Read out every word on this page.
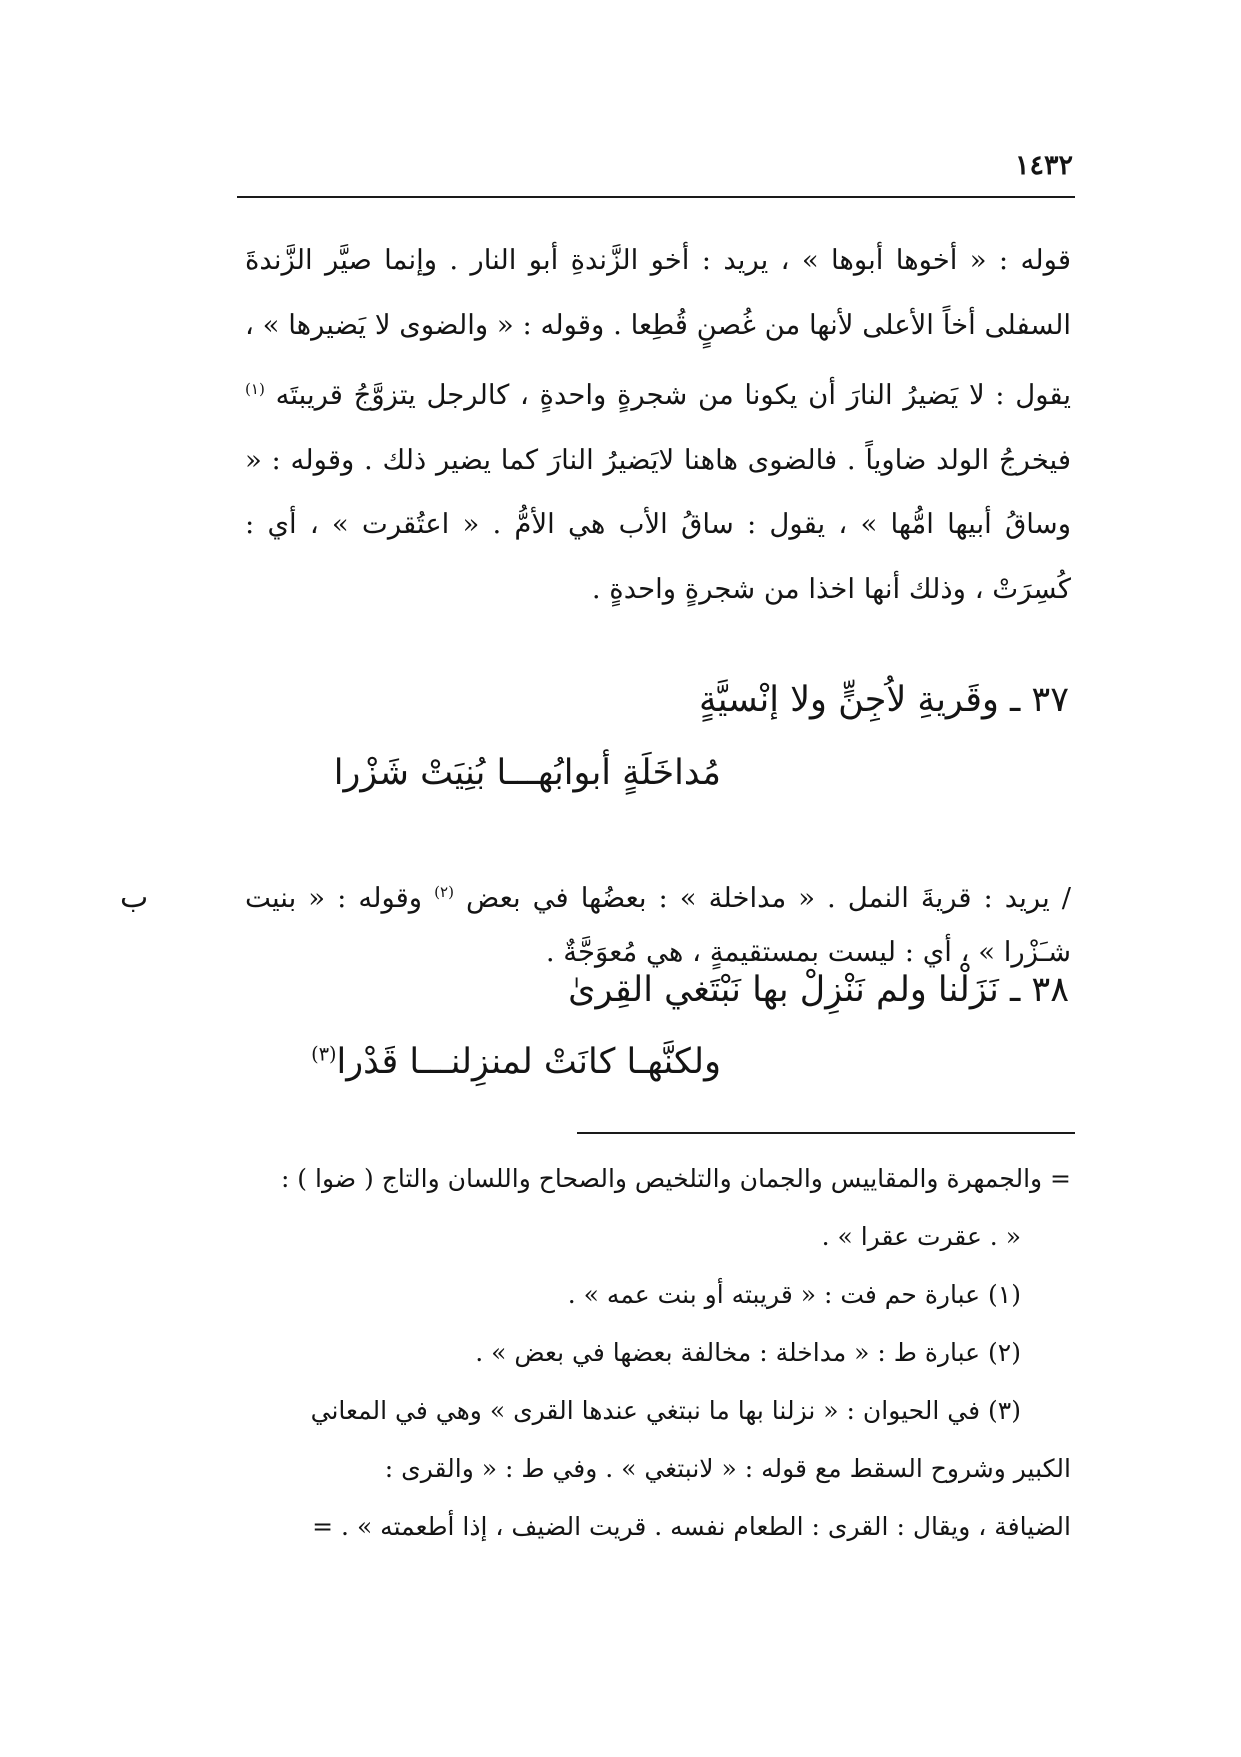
١٤٣٢

قوله : « أخوها أبوها » ، يريد : أخو الزَّندةِ أبو النار . وإنما صيَّر الزَّندةَ السفلى أخاً الأعلى لأنها من غُصنٍ قُطِعا . وقوله : « والضوى لا يَضيرها » ، يقول : لا يَضيرُ النارَ أن يكونا من شجرةٍ واحدةٍ ، كالرجل يتزوَّجُ قريبتَه $^{(١)}$ فيخرجُ الولد ضاوياً . فالضوى هاهنا لايَضيرُ النارَ كما يضير ذلك . وقوله : « وساقُ أبيها امُّها » ، يقول : ساقُ الأب هي الأمُّ . « اعتُقرت » ، أي : كُسِرَتْ ، وذلك أنها اخذا من شجرةٍ واحدةٍ .

٣٧ ـ وقَريةِ لاُجِنٍّ ولا إنْسيَّةٍ
مُداخَلَةٍ أبوابُهـــا بُنِيَتْ شَزْرا
ب	/ يريد : قريةَ النمل . « مداخلة » : بعضُها في بعض $^{(٢)}$ وقوله : « بنيت شـَزْرا » ، أي : ليست بمستقيمةٍ ، هي مُعوَجَّةٌ .

٣٨ ـ نَزَلْنا ولم نَنْزِلْ بها نَبْتَغي القِرىٰ
ولكنَّهـا كانَتْ لمنزِلنـــا قَدْرا$^{(٣)}$

= والجمهرة والمقاييس والجمان والتلخيص والصحاح واللسان والتاج ( ضوا ) :

« . عقرت عقرا » .

(١) عبارة حم فت : « قريبته أو بنت عمه » .

(٢) عبارة ط : « مداخلة : مخالفة بعضها في بعض » .

(٣) في الحيوان : « نزلنا بها ما نبتغي عندها القرى » وهي في المعاني

الكبير وشروح السقط مع قوله : « لانبتغي » . وفي ط : « والقرى :

الضيافة ، ويقال : القرى : الطعام نفسه . قريت الضيف ، إذا أطعمته » . =
